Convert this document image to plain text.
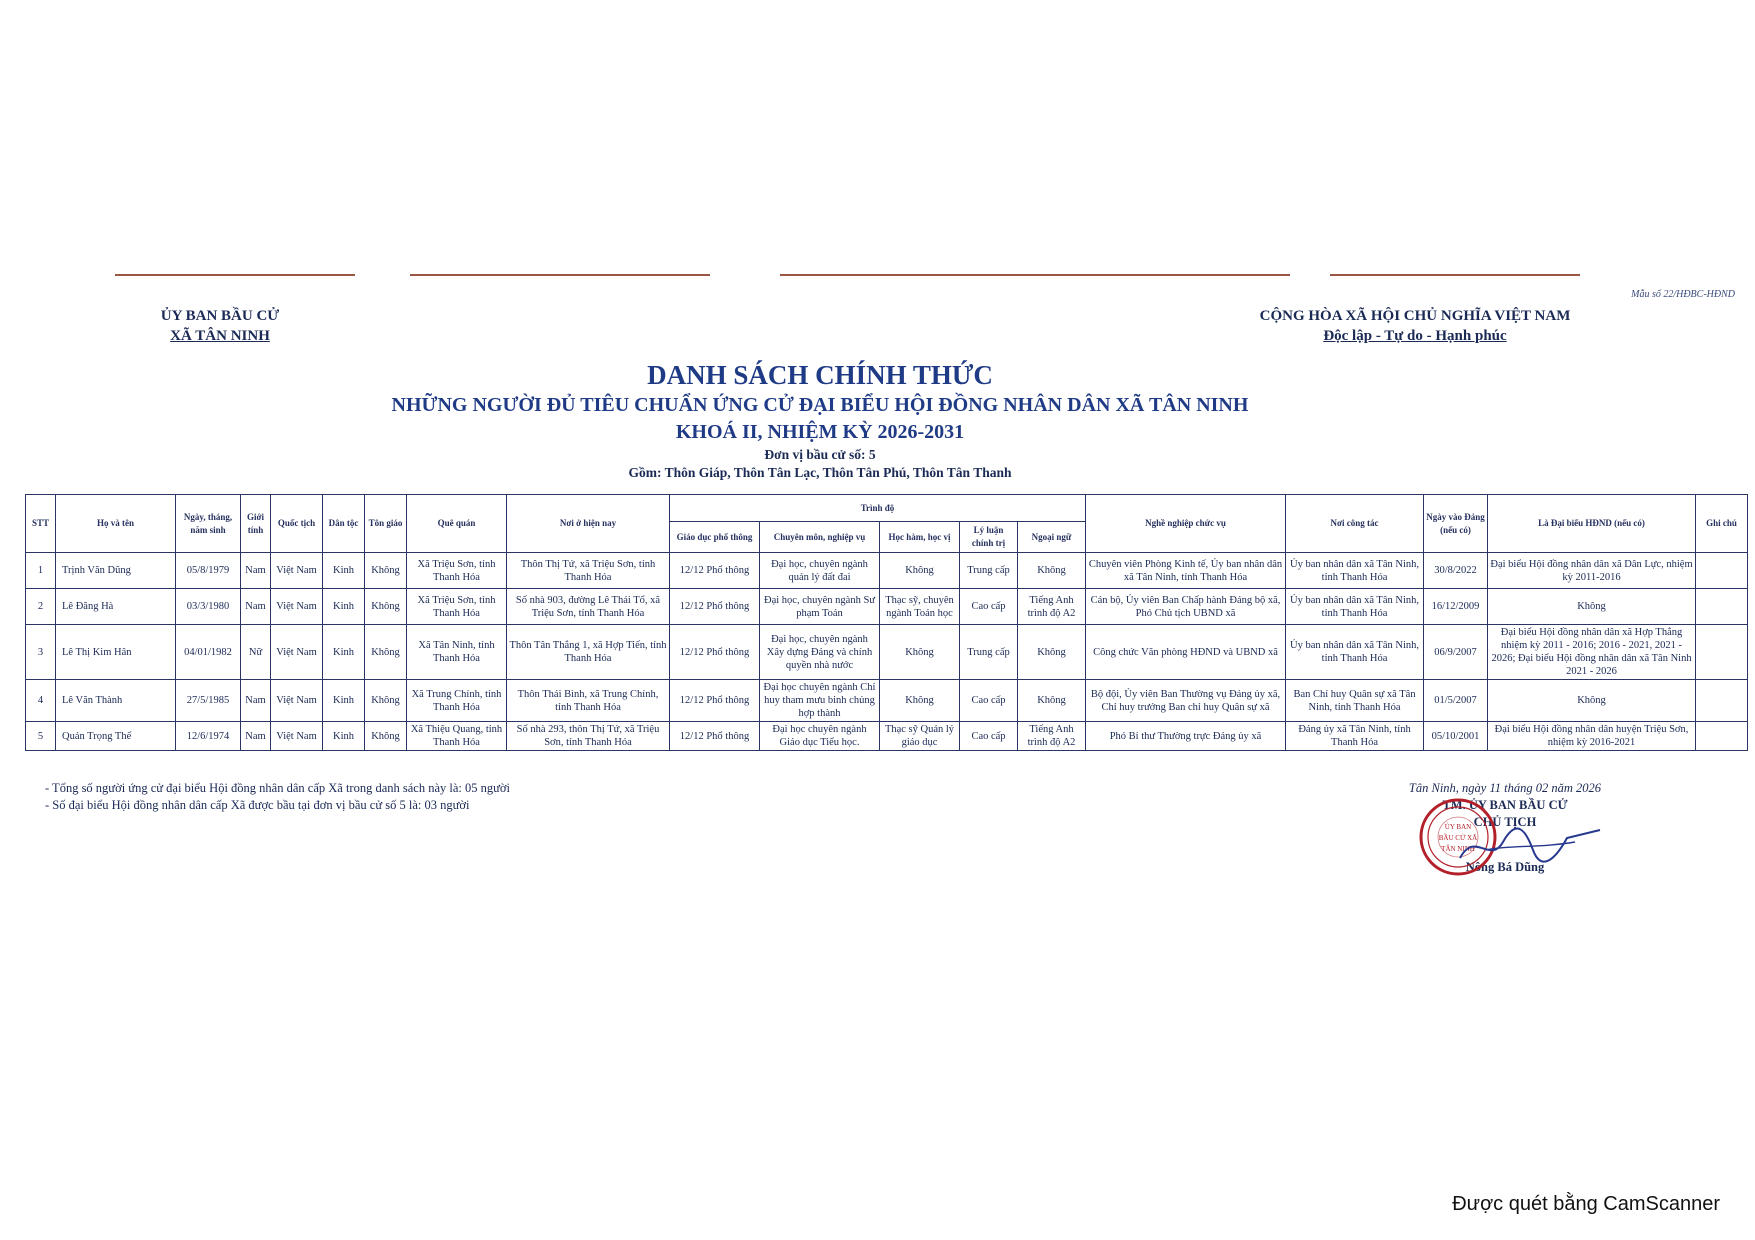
Mẫu số 22/HĐBC-HĐND
ỦY BAN BẦU CỬ
XÃ TÂN NINH
CỘNG HÒA XÃ HỘI CHỦ NGHĨA VIỆT NAM
Độc lập - Tự do - Hạnh phúc
DANH SÁCH CHÍNH THỨC
NHỮNG NGƯỜI ĐỦ TIÊU CHUẨN ỨNG CỬ ĐẠI BIỂU HỘI ĐỒNG NHÂN DÂN XÃ TÂN NINH
KHOÁ II, NHIỆM KỲ 2026-2031
Đơn vị bầu cử số: 5
Gồm: Thôn Giáp, Thôn Tân Lạc, Thôn Tân Phú, Thôn Tân Thanh
STT	Họ và tên	Ngày, tháng, năm sinh	Giới tính	Quốc tịch	Dân tộc	Tôn giáo	Quê quán	Nơi ở hiện nay	Trình độ					Nghề nghiệp chức vụ	Nơi công tác	Ngày vào Đảng (nếu có)	Là Đại biểu HĐND (nếu có)	Ghi chú
									Giáo dục phổ thông	Chuyên môn, nghiệp vụ	Học hàm, học vị	Lý luận chính trị	Ngoại ngữ					
1	Trịnh Văn Dũng	05/8/1979	Nam	Việt Nam	Kinh	Không	Xã Triệu Sơn, tỉnh Thanh Hóa	Thôn Thị Tứ, xã Triệu Sơn, tỉnh Thanh Hóa	12/12 Phổ thông	Đại học, chuyên ngành quản lý đất đai	Không	Trung cấp	Không	Chuyên viên Phòng Kinh tế, Ủy ban nhân dân xã Tân Ninh, tỉnh Thanh Hóa	Ủy ban nhân dân xã Tân Ninh, tỉnh Thanh Hóa	30/8/2022	Đại biểu Hội đồng nhân dân xã Dân Lực, nhiệm kỳ 2011-2016	
2	Lê Đăng Hà	03/3/1980	Nam	Việt Nam	Kinh	Không	Xã Triệu Sơn, tỉnh Thanh Hóa	Số nhà 903, đường Lê Thái Tổ, xã Triệu Sơn, tỉnh Thanh Hóa	12/12 Phổ thông	Đại học, chuyên ngành Sư phạm Toán	Thạc sỹ, chuyên ngành Toán học	Cao cấp	Tiếng Anh trình độ A2	Cán bộ, Ủy viên Ban Chấp hành Đảng bộ xã, Phó Chủ tịch UBND xã	Ủy ban nhân dân xã Tân Ninh, tỉnh Thanh Hóa	16/12/2009	Không	
3	Lê Thị Kim Hân	04/01/1982	Nữ	Việt Nam	Kinh	Không	Xã Tân Ninh, tỉnh Thanh Hóa	Thôn Tân Thắng 1, xã Hợp Tiến, tỉnh Thanh Hóa	12/12 Phổ thông	Đại học, chuyên ngành Xây dựng Đảng và chính quyền nhà nước	Không	Trung cấp	Không	Công chức Văn phòng HĐND và UBND xã	Ủy ban nhân dân xã Tân Ninh, tỉnh Thanh Hóa	06/9/2007	Đại biểu Hội đồng nhân dân xã Hợp Thắng nhiệm kỳ 2011 - 2016; 2016 - 2021, 2021 - 2026; Đại biểu Hội đồng nhân dân xã Tân Ninh 2021 - 2026	
4	Lê Văn Thành	27/5/1985	Nam	Việt Nam	Kinh	Không	Xã Trung Chính, tỉnh Thanh Hóa	Thôn Thái Bình, xã Trung Chính, tỉnh Thanh Hóa	12/12 Phổ thông	Đại học chuyên ngành Chỉ huy tham mưu binh chủng hợp thành	Không	Cao cấp	Không	Bộ đội, Ủy viên Ban Thường vụ Đảng ủy xã, Chỉ huy trưởng Ban chỉ huy Quân sự xã	Ban Chỉ huy Quân sự xã Tân Ninh, tỉnh Thanh Hóa	01/5/2007	Không	
5	Quản Trọng Thế	12/6/1974	Nam	Việt Nam	Kinh	Không	Xã Thiệu Quang, tỉnh Thanh Hóa	Số nhà 293, thôn Thị Tứ, xã Triệu Sơn, tỉnh Thanh Hóa	12/12 Phổ thông	Đại học chuyên ngành Giáo dục Tiểu học.	Thạc sỹ Quản lý giáo dục	Cao cấp	Tiếng Anh trình độ A2	Phó Bí thư Thường trực Đảng ủy xã	Đảng ủy xã Tân Ninh, tỉnh Thanh Hóa	05/10/2001	Đại biểu Hội đồng nhân dân huyện Triệu Sơn, nhiệm kỳ 2016-2021	
- Tổng số người ứng cử đại biểu Hội đồng nhân dân cấp Xã trong danh sách này là: 05 người
- Số đại biểu Hội đồng nhân dân cấp Xã được bầu tại đơn vị bầu cử số 5 là: 03 người
Tân Ninh, ngày 11 tháng 02 năm 2026
TM. ỦY BAN BẦU CỬ
CHỦ TỊCH
Nông Bá Dũng
ỦY BAN
BẦU CỬ XÃ
TÂN NINH
Được quét bằng CamScanner
